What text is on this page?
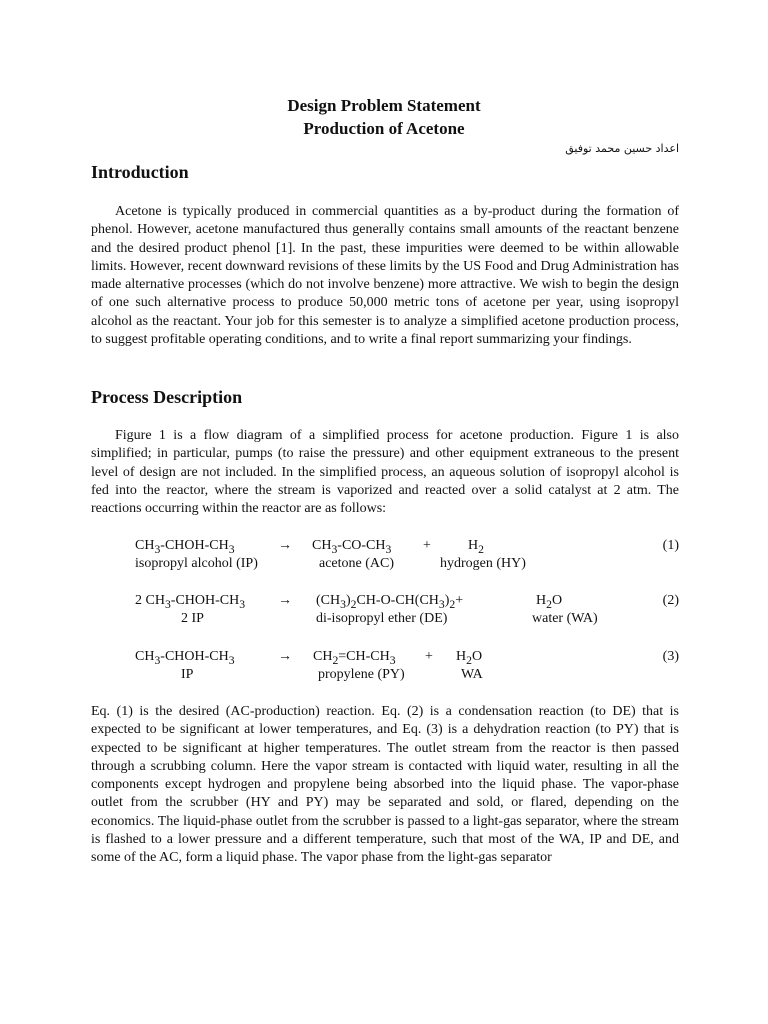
Design Problem Statement
Production of Acetone
اعداد حسين محمد توفيق
Introduction

Acetone is typically produced in commercial quantities as a by-product during the formation of phenol. However, acetone manufactured thus generally contains small amounts of the reactant benzene and the desired product phenol [1]. In the past, these impurities were deemed to be within allowable limits. However, recent downward revisions of these limits by the US Food and Drug Administration has made alternative processes (which do not involve benzene) more attractive. We wish to begin the design of one such alternative process to produce 50,000 metric tons of acetone per year, using isopropyl alcohol as the reactant. Your job for this semester is to analyze a simplified acetone production process, to suggest profitable operating conditions, and to write a final report summarizing your findings.

Process Description

Figure 1 is a flow diagram of a simplified process for acetone production. Figure 1 is also simplified; in particular, pumps (to raise the pressure) and other equipment extraneous to the present level of design are not included. In the simplified process, an aqueous solution of isopropyl alcohol is fed into the reactor, where the stream is vaporized and reacted over a solid catalyst at 2 atm. The reactions occurring within the reactor are as follows:

$CH_3-CHOH-CH_3$	→ $CH_3-CO-CH_3$ +	$H_2$	(1)
isopropyl alcohol (IP)	acetone (AC)	hydrogen (HY)
2 $CH_3-CHOH-CH_3 \to (CH_3)_2CH-O-CH(CH_3)_2+$	$H_2O$	(2)
2 IP	di-isopropyl ether (DE)	water (WA)
$CH_3-CHOH-CH_3$	→ $CH_2=CH-CH_3 + H_2O$	(3)
IP	propylene (PY)	WA

Eq. (1) is the desired (AC-production) reaction. Eq. (2) is a condensation reaction (to DE) that is expected to be significant at lower temperatures, and Eq. (3) is a dehydration reaction (to PY) that is expected to be significant at higher temperatures. The outlet stream from the reactor is then passed through a scrubbing column. Here the vapor stream is contacted with liquid water, resulting in all the components except hydrogen and propylene being absorbed into the liquid phase. The vapor-phase outlet from the scrubber (HY and PY) may be separated and sold, or flared, depending on the economics. The liquid-phase outlet from the scrubber is passed to a light-gas separator, where the stream is flashed to a lower pressure and a different temperature, such that most of the WA, IP and DE, and some of the AC, form a liquid phase. The vapor phase from the light-gas separator
